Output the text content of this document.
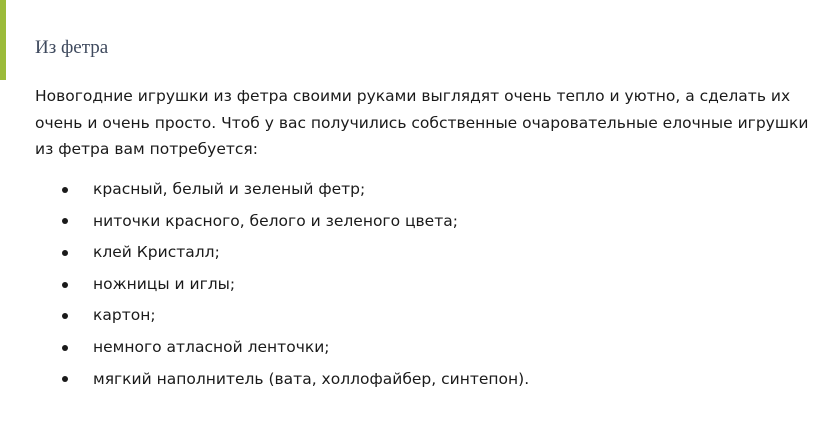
Из фетра

Новогодние игрушки из фетра своими руками выглядят очень тепло и уютно, а сделать их очень и очень просто. Чтоб у вас получились собственные очаровательные елочные игрушки из фетра вам потребуется:

красный, белый и зеленый фетр;
ниточки красного, белого и зеленого цвета;
клей Кристалл;
ножницы и иглы;
картон;
немного атласной ленточки;
мягкий наполнитель (вата, холлофайбер, синтепон).
